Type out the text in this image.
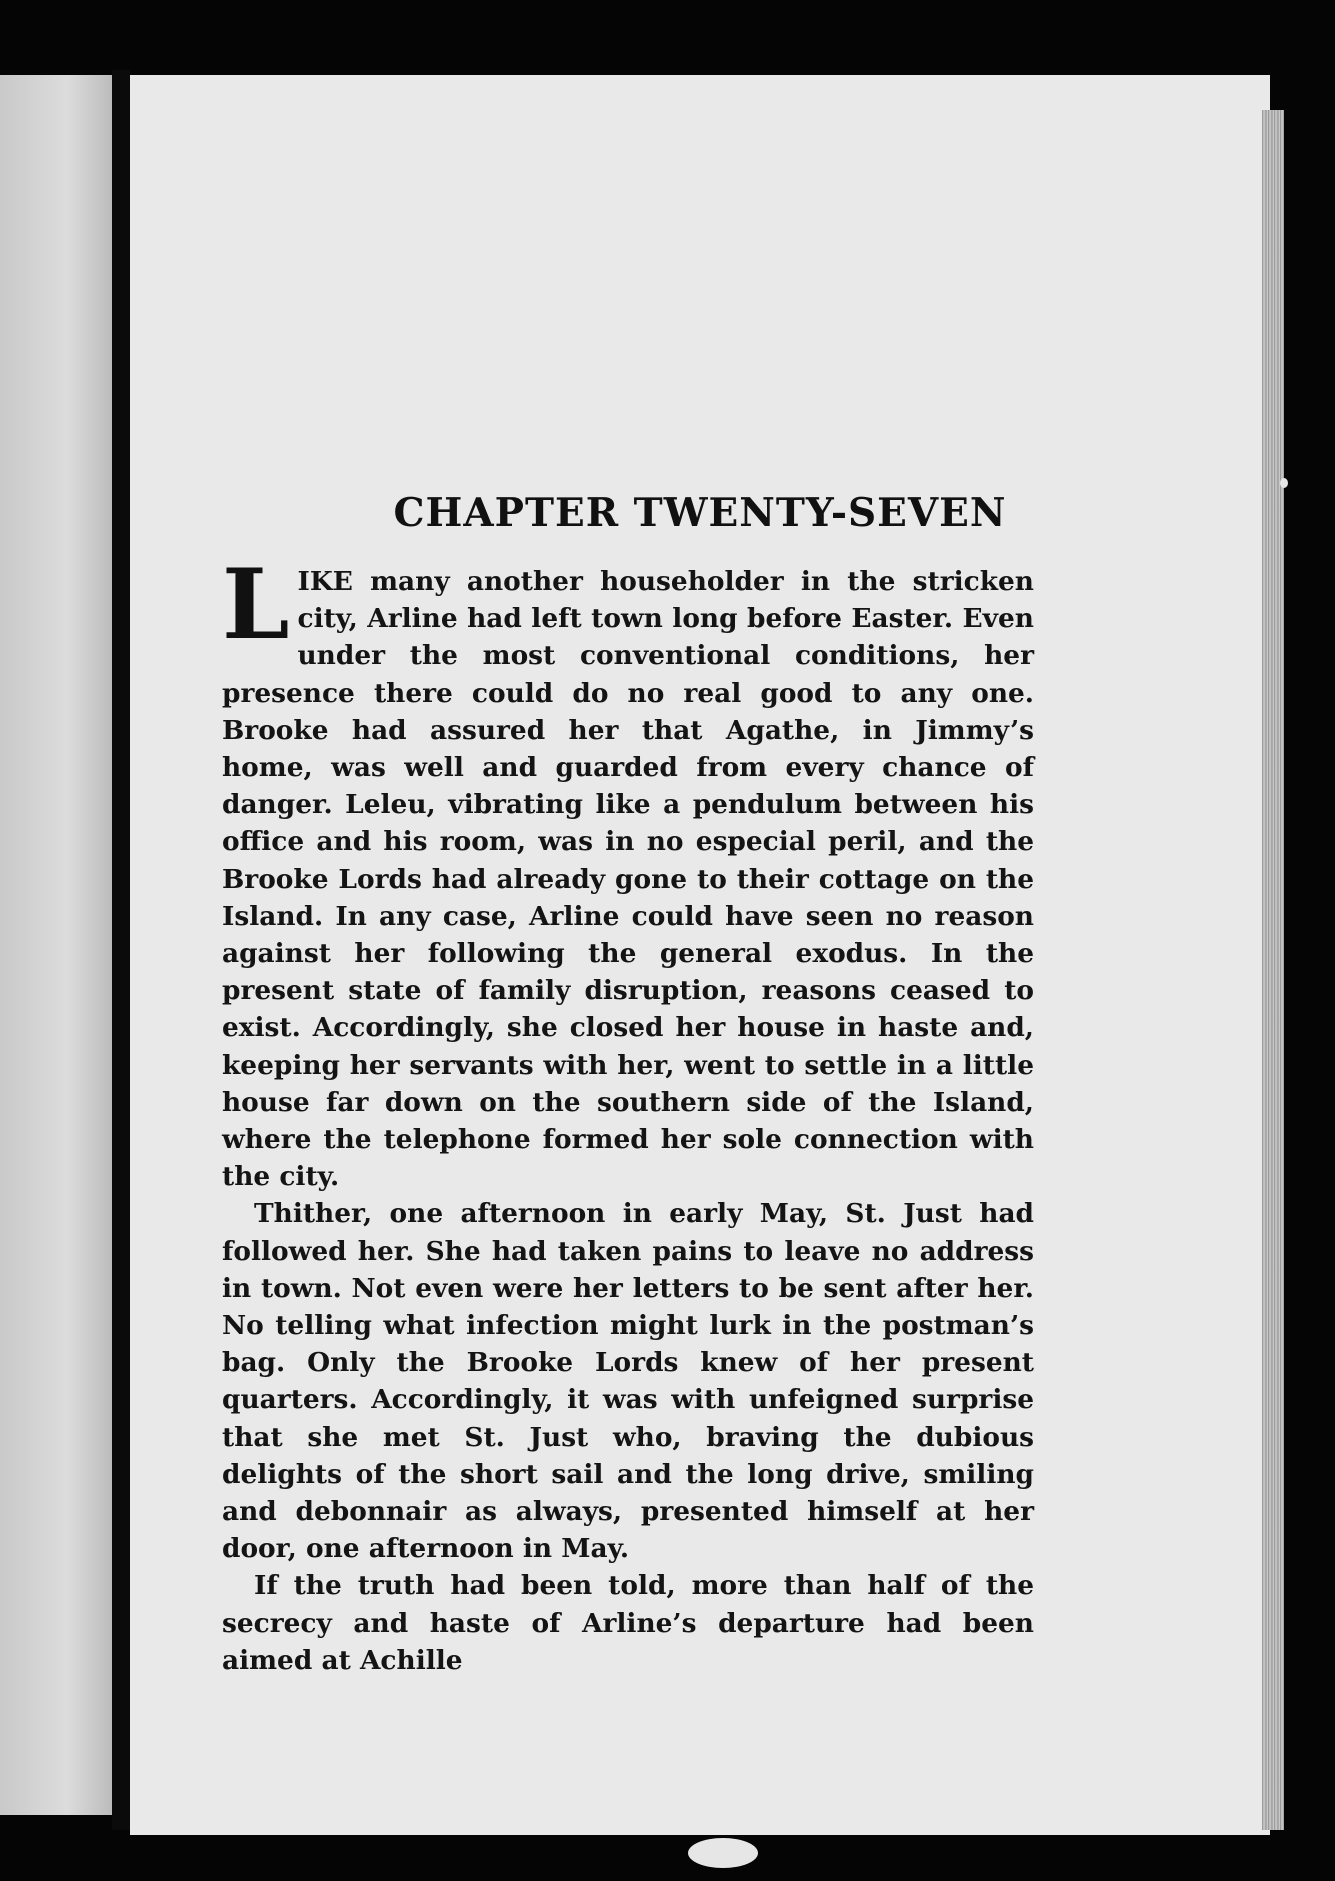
CHAPTER TWENTY-SEVEN

LIKE many another householder in the stricken city, Arline had left town long before Easter. Even under the most conventional conditions, her presence there could do no real good to any one. Brooke had assured her that Agathe, in Jimmy’s home, was well and guarded from every chance of danger. Leleu, vibrating like a pendulum between his office and his room, was in no especial peril, and the Brooke Lords had already gone to their cottage on the Island. In any case, Arline could have seen no reason against her following the general exodus. In the present state of family disruption, reasons ceased to exist. Accordingly, she closed her house in haste and, keeping her servants with her, went to settle in a little house far down on the southern side of the Island, where the telephone formed her sole connection with the city.

Thither, one afternoon in early May, St. Just had followed her. She had taken pains to leave no address in town. Not even were her letters to be sent after her. No telling what infection might lurk in the postman’s bag. Only the Brooke Lords knew of her present quarters. Accordingly, it was with unfeigned surprise that she met St. Just who, braving the dubious delights of the short sail and the long drive, smiling and debonnair as always, presented himself at her door, one afternoon in May.

If the truth had been told, more than half of the secrecy and haste of Arline’s departure had been aimed at Achille
